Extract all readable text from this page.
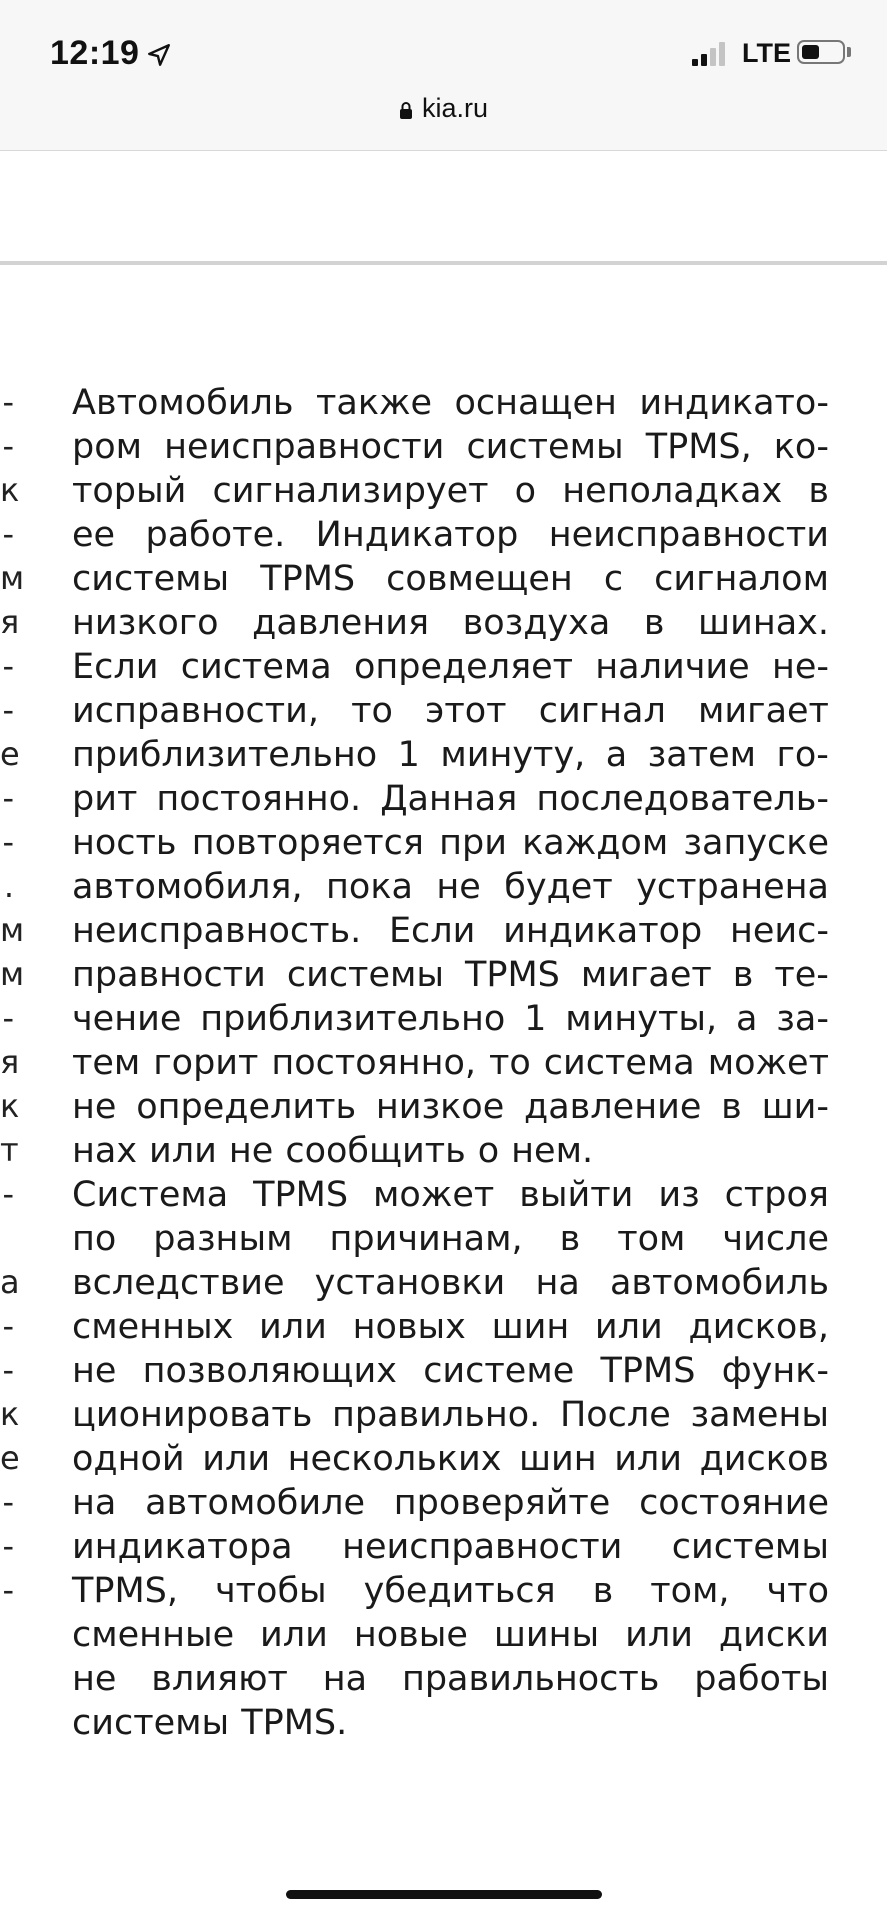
12:19	LTE
kia.ru
-
-
к
-
м
я
-
-
е
-
-
.
м
м
-
я
к
т
-

а
-
-
к
е
-
-
-
Автомобиль также оснащен индикато-
ром неисправности системы TPMS, ко-
торый сигнализирует о неполадках в
ее работе. Индикатор неисправности
системы TPMS совмещен с сигналом
низкого давления воздуха в шинах.
Если система определяет наличие не-
исправности, то этот сигнал мигает
приблизительно 1 минуту, а затем го-
рит постоянно. Данная последователь-
ность повторяется при каждом запуске
автомобиля, пока не будет устранена
неисправность. Если индикатор неис-
правности системы TPMS мигает в те-
чение приблизительно 1 минуты, а за-
тем горит постоянно, то система может
не определить низкое давление в ши-
нах или не сообщить о нем.
Система TPMS может выйти из строя
по разным причинам, в том числе
вследствие установки на автомобиль
сменных или новых шин или дисков,
не позволяющих системе TPMS функ-
ционировать правильно. После замены
одной или нескольких шин или дисков
на автомобиле проверяйте состояние
индикатора неисправности системы
TPMS, чтобы убедиться в том, что
сменные или новые шины или диски
не влияют на правильность работы
системы TPMS.
